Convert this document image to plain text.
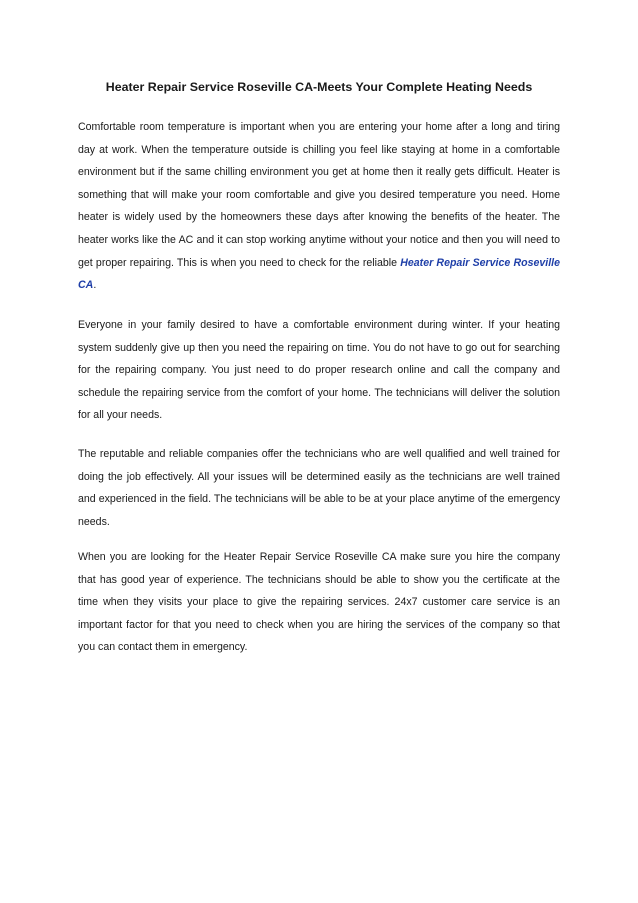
Heater Repair Service Roseville CA-Meets Your Complete Heating Needs

Comfortable room temperature is important when you are entering your home after a long and tiring day at work. When the temperature outside is chilling you feel like staying at home in a comfortable environment but if the same chilling environment you get at home then it really gets difficult. Heater is something that will make your room comfortable and give you desired temperature you need. Home heater is widely used by the homeowners these days after knowing the benefits of the heater. The heater works like the AC and it can stop working anytime without your notice and then you will need to get proper repairing. This is when you need to check for the reliable Heater Repair Service Roseville CA.

Everyone in your family desired to have a comfortable environment during winter. If your heating system suddenly give up then you need the repairing on time. You do not have to go out for searching for the repairing company. You just need to do proper research online and call the company and schedule the repairing service from the comfort of your home. The technicians will deliver the solution for all your needs.

The reputable and reliable companies offer the technicians who are well qualified and well trained for doing the job effectively. All your issues will be determined easily as the technicians are well trained and experienced in the field. The technicians will be able to be at your place anytime of the emergency needs.

When you are looking for the Heater Repair Service Roseville CA make sure you hire the company that has good year of experience. The technicians should be able to show you the certificate at the time when they visits your place to give the repairing services. 24x7 customer care service is an important factor for that you need to check when you are hiring the services of the company so that you can contact them in emergency.
